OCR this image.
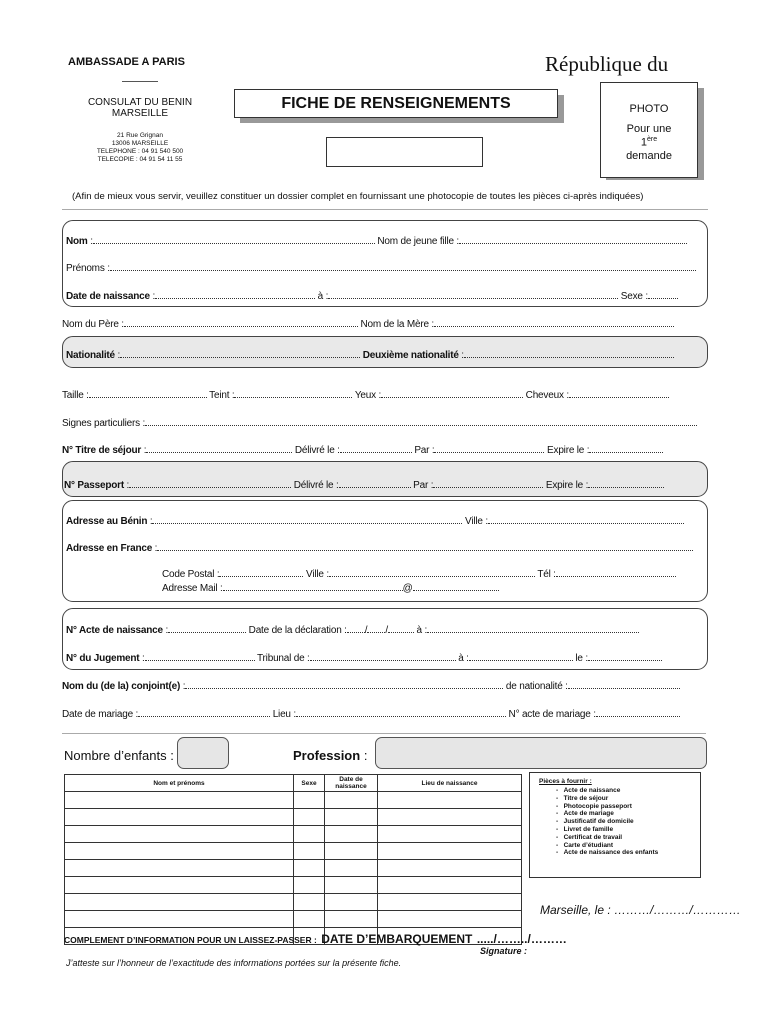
AMBASSADE A PARIS
CONSULAT DU BENIN
MARSEILLE
21 Rue Grignan
13006 MARSEILLE
TELEPHONE : 04 91 540 500
TELECOPIE : 04 91 54 11 55
République du
FICHE DE RENSEIGNEMENTS	PHOTO
Pour une
1ère
demande
(Afin de mieux vous servir, veuillez constituer un dossier complet en fournissant une photocopie de toutes les pièces ci-après indiquées)
Nom :	Nom de jeune fille :
Prénoms :
Date de naissance :	à :	Sexe :
Nom du Père :	Nom de la Mère :
Nationalité :	Deuxième nationalité :
Taille :	Teint :	Yeux :	Cheveux :
Signes particuliers :
N° Titre de séjour :	Délivré le :	Par :	Expire le :
N° Passeport :	Délivré le :	Par :	Expire le :
Adresse au Bénin :	Ville :
Adresse en France :
Code Postal :	Ville :	Tél :
Adresse Mail :	@
N° Acte de naissance :	Date de la déclaration : / /	à :
N° du Jugement :	Tribunal de :	à :	le :
Nom du (de la) conjoint(e) :	de nationalité :
Date de mariage :	Lieu :	N° acte de mariage :
Nombre d’enfants :	Profession :
Nom et prénoms	Sexe	Date de naissance	Lieu de naissance

				Pièces à fournir :
-   Acte de naissance
-   Titre de séjour
-   Photocopie passeport
-   Acte de mariage
-   Justificatif de domicile
-   Livret de famille
-   Certificat de travail
-   Carte d’étudiant
-   Acte de naissance des enfants
Marseille, le : ………/………/…………
COMPLEMENT D’INFORMATION POUR UN LAISSEZ-PASSER : DATE D’EMBARQUEMENT ...../……../………
Signature :
J’atteste sur l’honneur de l’exactitude des informations portées sur la présente fiche.
